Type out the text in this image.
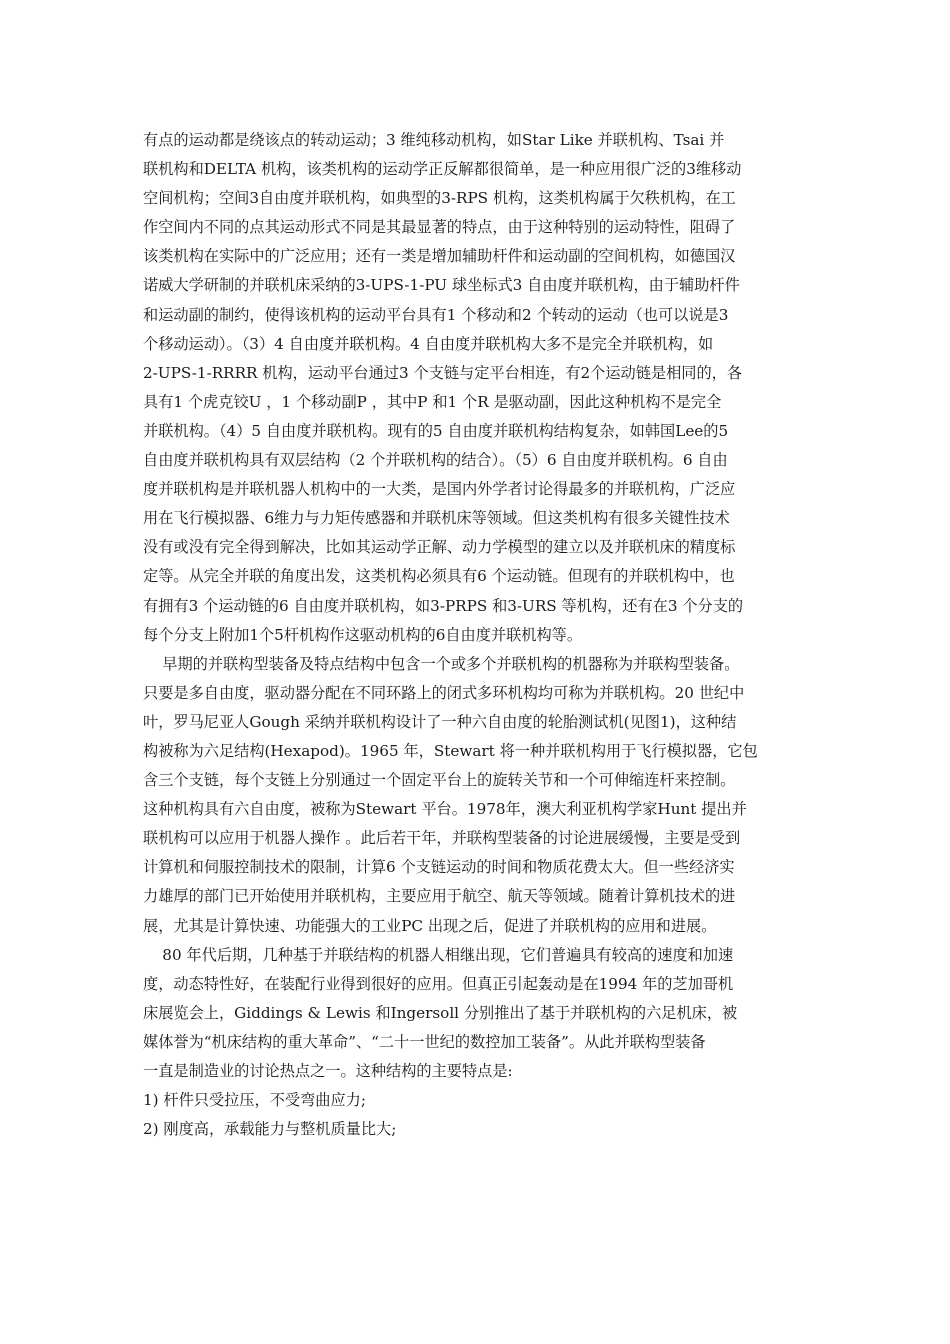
有点的运动都是绕该点的转动运动；3 维纯移动机构，如Star Like 并联机构、Tsai 并
联机构和DELTA 机构，该类机构的运动学正反解都很简单，是一种应用很广泛的3维移动
空间机构；空间3自由度并联机构，如典型的3-RPS 机构，这类机构属于欠秩机构，在工
作空间内不同的点其运动形式不同是其最显著的特点，由于这种特别的运动特性，阻碍了
该类机构在实际中的广泛应用；还有一类是增加辅助杆件和运动副的空间机构，如德国汉
诺威大学研制的并联机床采纳的3-UPS-1-PU 球坐标式3 自由度并联机构，由于辅助杆件
和运动副的制约，使得该机构的运动平台具有1 个移动和2 个转动的运动（也可以说是3
个移动运动）。（3）4 自由度并联机构。4 自由度并联机构大多不是完全并联机构，如
2-UPS-1-RRRR 机构，运动平台通过3 个支链与定平台相连，有2个运动链是相同的，各
具有1 个虎克铰U ，1 个移动副P ，其中P 和1 个R 是驱动副，因此这种机构不是完全
并联机构。（4）5 自由度并联机构。现有的5 自由度并联机构结构复杂，如韩国Lee的5
自由度并联机构具有双层结构（2 个并联机构的结合）。（5）6 自由度并联机构。6 自由
度并联机构是并联机器人机构中的一大类，是国内外学者讨论得最多的并联机构，广泛应
用在飞行模拟器、6维力与力矩传感器和并联机床等领域。但这类机构有很多关键性技术
没有或没有完全得到解决，比如其运动学正解、动力学模型的建立以及并联机床的精度标
定等。从完全并联的角度出发，这类机构必须具有6 个运动链。但现有的并联机构中，也
有拥有3 个运动链的6 自由度并联机构，如3-PRPS 和3-URS 等机构，还有在3 个分支的
每个分支上附加1个5杆机构作这驱动机构的6自由度并联机构等。
早期的并联构型装备及特点结构中包含一个或多个并联机构的机器称为并联构型装备。
只要是多自由度，驱动器分配在不同环路上的闭式多环机构均可称为并联机构。20 世纪中
叶，罗马尼亚人Gough 采纳并联机构设计了一种六自由度的轮胎测试机(见图1)，这种结
构被称为六足结构(Hexapod)。1965 年，Stewart 将一种并联机构用于飞行模拟器，它包
含三个支链，每个支链上分别通过一个固定平台上的旋转关节和一个可伸缩连杆来控制。
这种机构具有六自由度，被称为Stewart 平台。1978年，澳大利亚机构学家Hunt 提出并
联机构可以应用于机器人操作 。此后若干年，并联构型装备的讨论进展缓慢，主要是受到
计算机和伺服控制技术的限制，计算6 个支链运动的时间和物质花费太大。但一些经济实
力雄厚的部门已开始使用并联机构，主要应用于航空、航天等领域。随着计算机技术的进
展，尤其是计算快速、功能强大的工业PC 出现之后，促进了并联机构的应用和进展。
80 年代后期，几种基于并联结构的机器人相继出现，它们普遍具有较高的速度和加速
度，动态特性好，在装配行业得到很好的应用。但真正引起轰动是在1994 年的芝加哥机
床展览会上，Giddings & Lewis 和Ingersoll 分别推出了基于并联机构的六足机床，被
媒体誉为“机床结构的重大革命”、“二十一世纪的数控加工装备”。从此并联构型装备
一直是制造业的讨论热点之一。这种结构的主要特点是:
1) 杆件只受拉压，不受弯曲应力;
2) 刚度高，承载能力与整机质量比大;
